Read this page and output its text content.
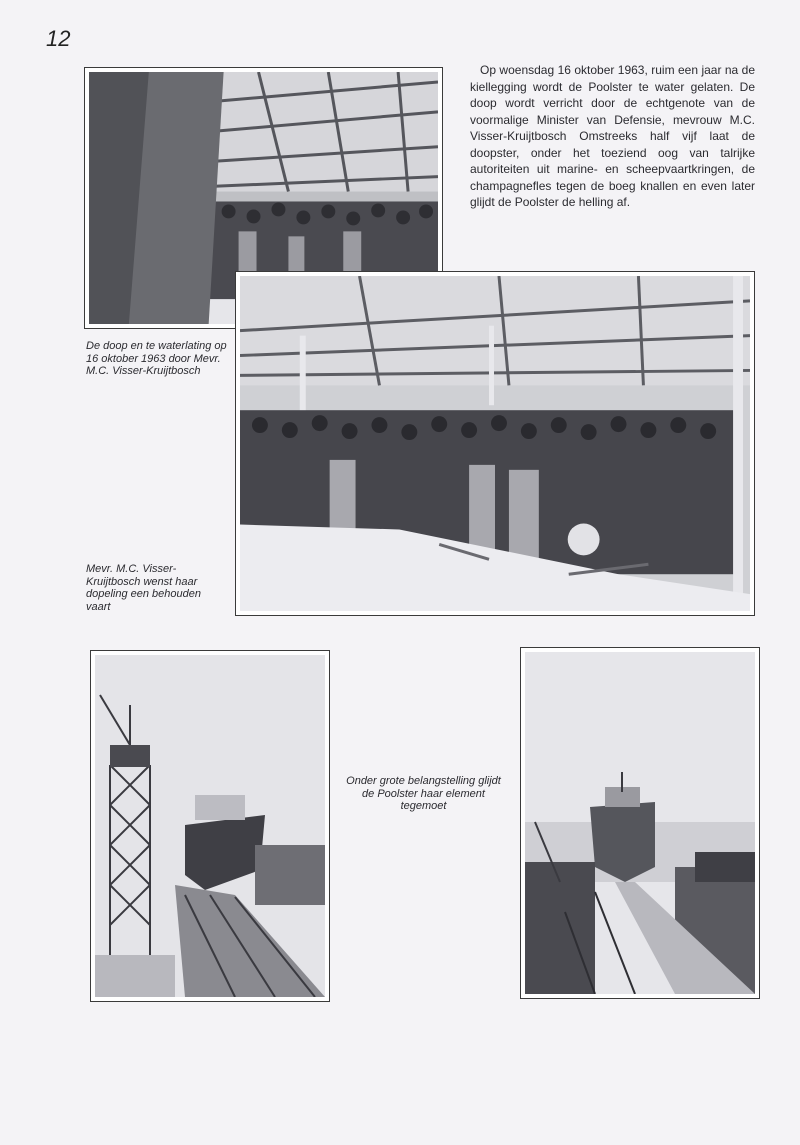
12

Op woensdag 16 oktober 1963, ruim een jaar na de kiellegging wordt de Poolster te water gelaten. De doop wordt verricht door de echtgenote van de voormalige Minister van Defensie, mevrouw M.C. Visser-Kruijtbosch Omstreeks half vijf laat de doopster, onder het toeziend oog van talrijke autoriteiten uit marine- en scheepvaartkringen, de champagnefles tegen de boeg knallen en even later glijdt de Poolster de helling af.

De doop en te waterlating op 16 oktober 1963 door Mevr. M.C. Visser-Kruijtbosch

Mevr. M.C. Visser-Kruijtbosch wenst haar dopeling een behouden vaart

Onder grote belangstelling glijdt de Poolster haar element tegemoet
